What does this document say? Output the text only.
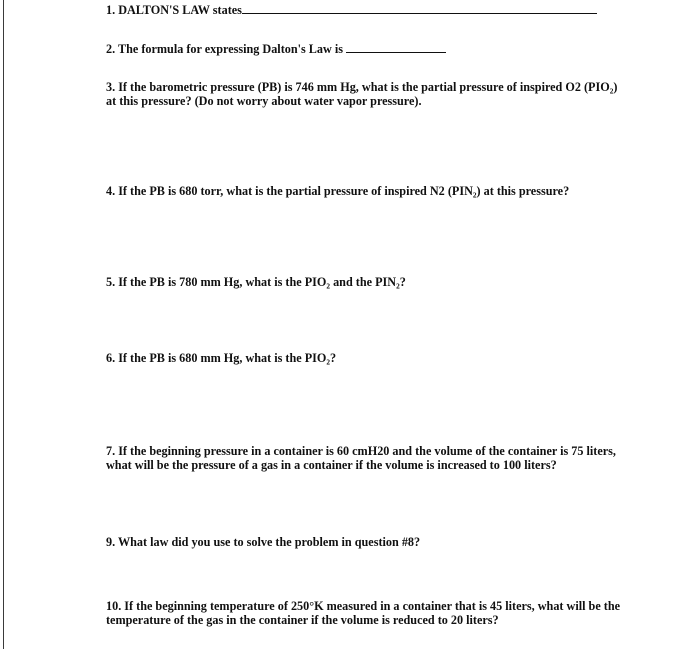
1. DALTON'S LAW states
2. The formula for expressing Dalton's Law is
3. If the barometric pressure (PB) is 746 mm Hg, what is the partial pressure of inspired O2 (PIO₂)
at this pressure? (Do not worry about water vapor pressure).
4. If the PB is 680 torr, what is the partial pressure of inspired N2 (PIN₂) at this pressure?
5. If the PB is 780 mm Hg, what is the PIO₂ and the PIN₂?
6. If the PB is 680 mm Hg, what is the PIO₂?
7. If the beginning pressure in a container is 60 cmH20 and the volume of the container is 75 liters,
what will be the pressure of a gas in a container if the volume is increased to 100 liters?
9. What law did you use to solve the problem in question #8?
10. If the beginning temperature of 250°K measured in a container that is 45 liters, what will be the
temperature of the gas in the container if the volume is reduced to 20 liters?
